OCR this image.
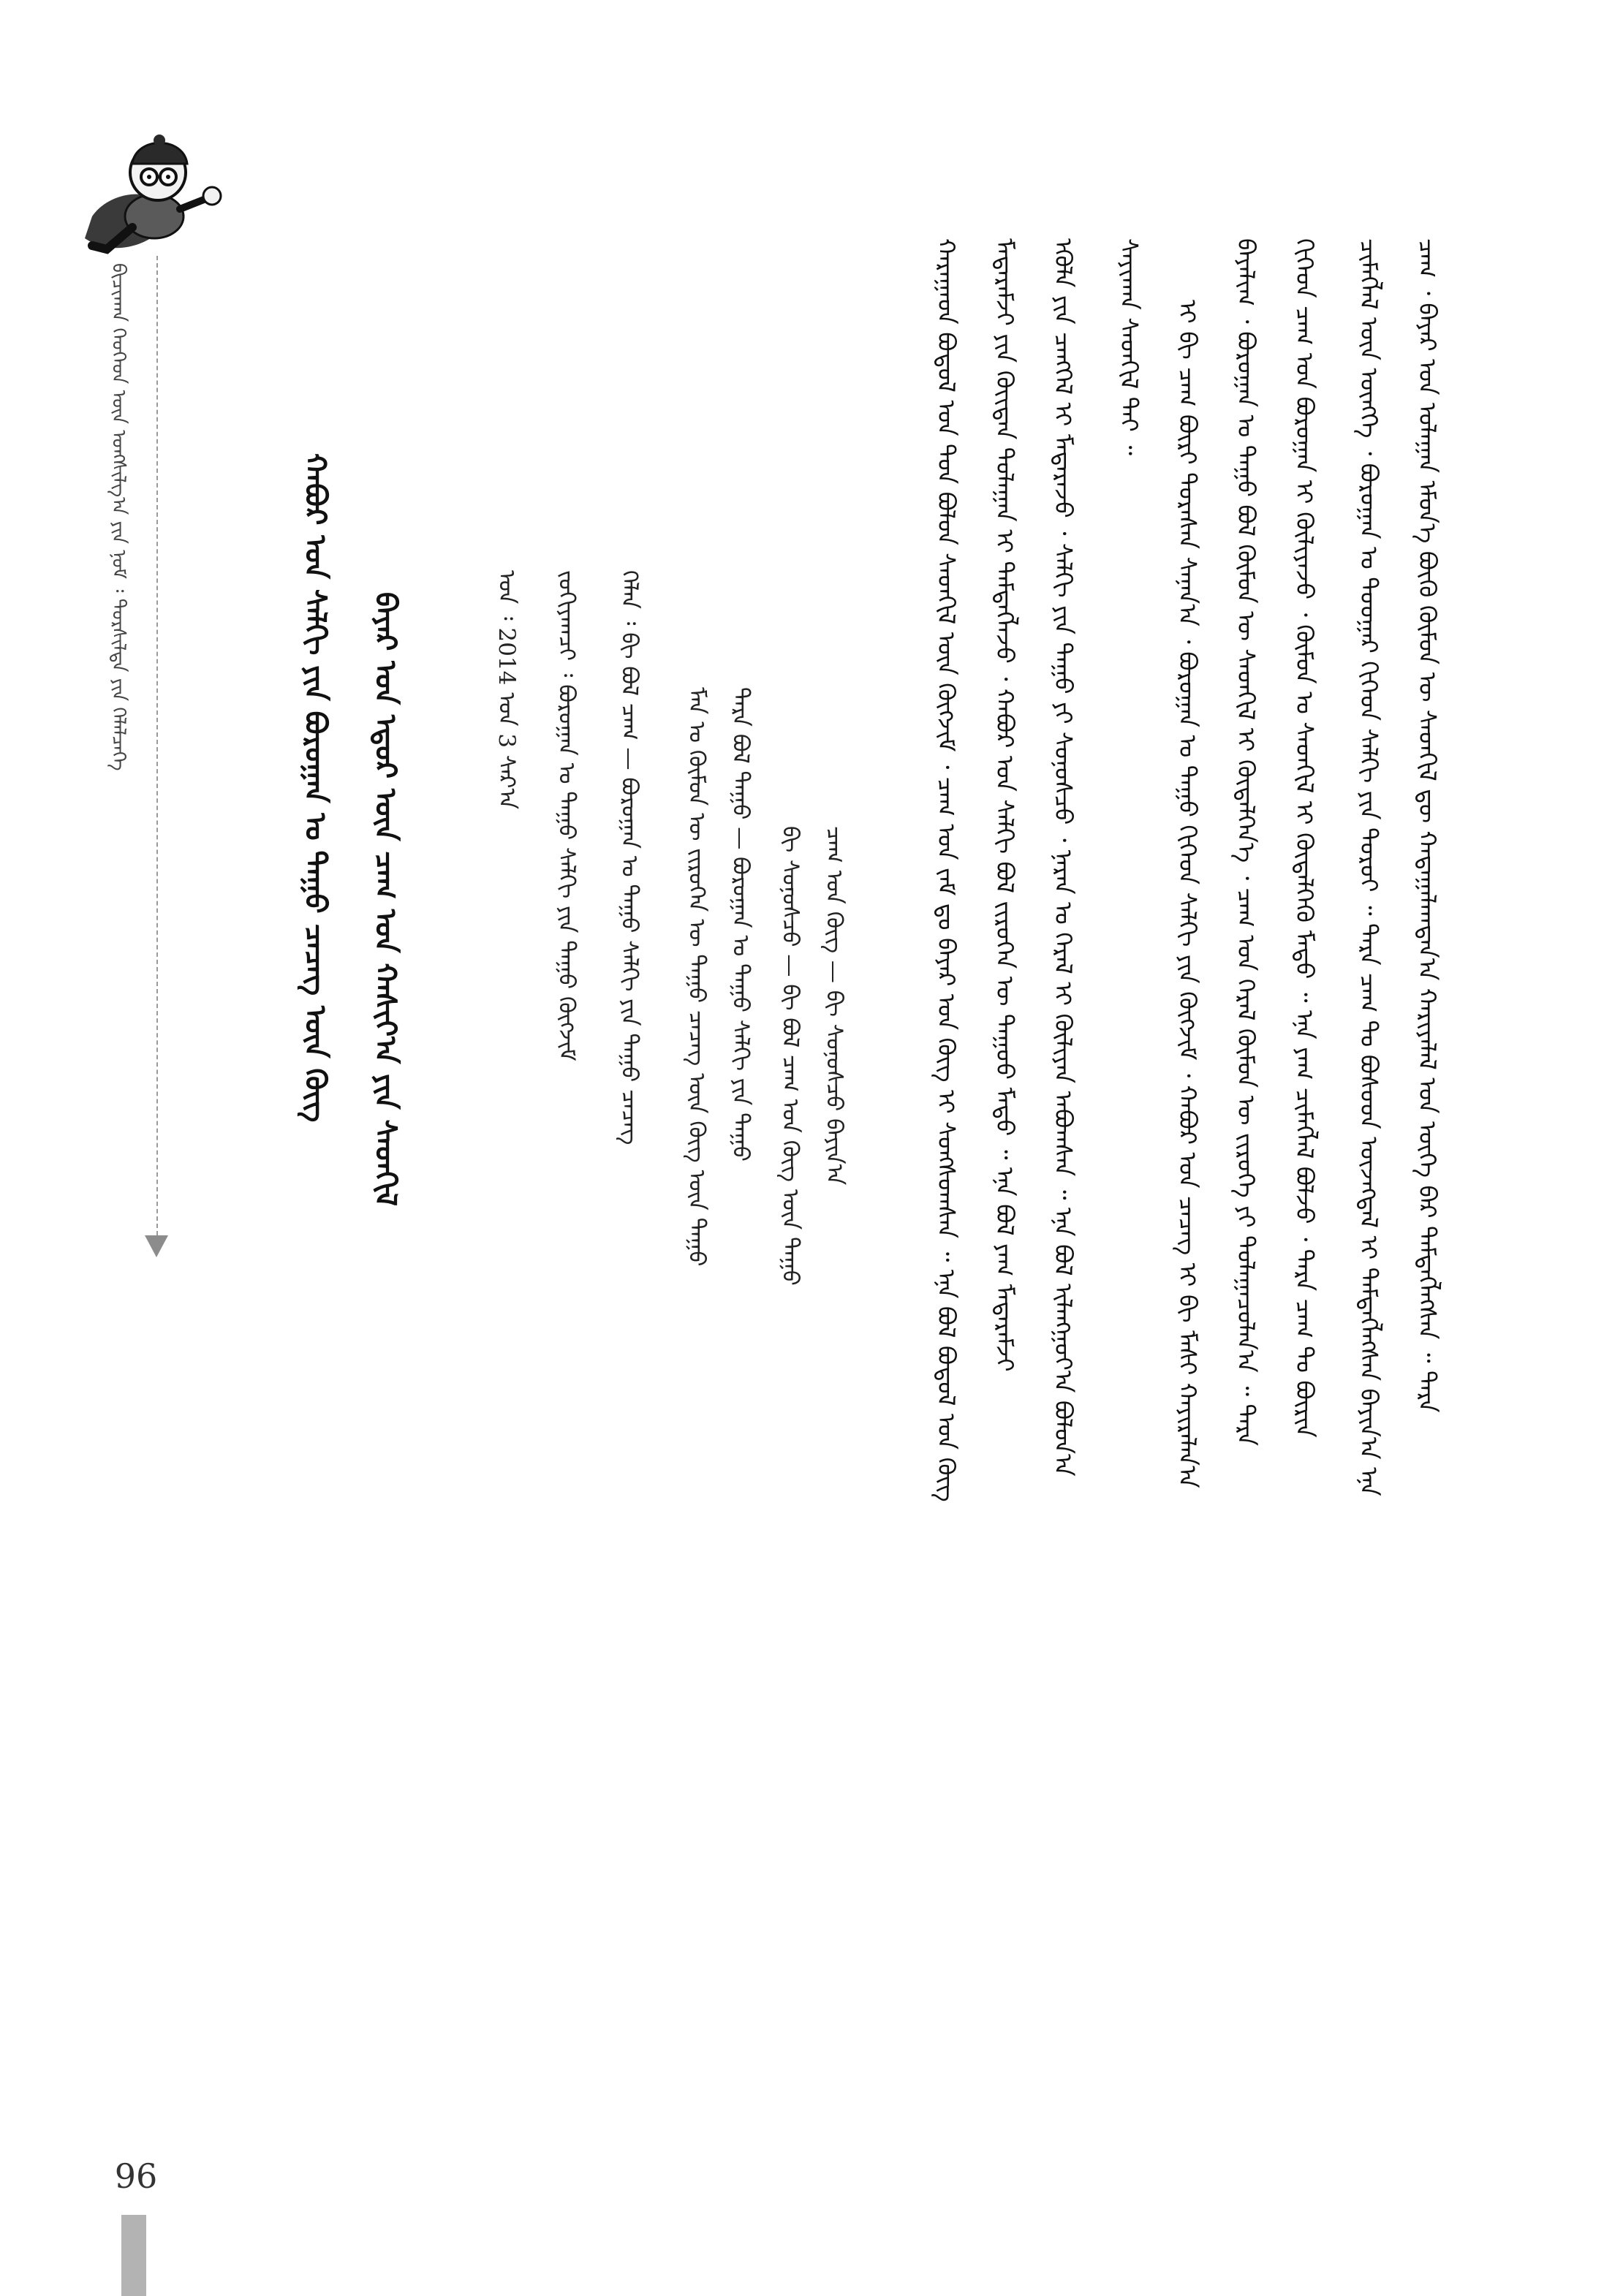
ᠪᠢᠴᠢᠬᠠᠨ ᠬᠡᠦᠬᠡᠳ ᠦᠨ ᠤᠩᠰᠢᠯᠭ᠎ᠠ ᠶᠢᠨ ᠨᠣᠮ ᠄ ᠲᠤᠷᠰᠢᠯᠲᠠ ᠶᠢᠨ ᠬᠡᠯᠡᠯᠴᠡᠭᠡ	ᠬᠠᠪᠤᠷ ᠤᠨ ᠰᠠᠯᠬᠢ ᠶᠢᠨ ᠪᠣᠷᠣᠭᠠᠨ ᠤ ᠳᠠᠭᠤ ᠴᠡᠴᠡᠭ ᠦᠨ ᠬᠥᠭ ᠪᠠᠶᠠᠷ ᠤᠨ ᠡᠳᠦᠷ ᠦᠨ ᠴᠠᠭ ᠤᠨ ᠬᠠᠰᠢᠶ᠎ᠠ ᠶᠢᠨ ᠰᠡᠳᠬᠢᠯ	ᠣᠨ ᠄ 2014 ᠣᠨ 3 ᠰᠠᠷ᠎ᠠ ᠵᠣᠬᠢᠶᠠᠭᠴᠢ ᠄ ᠪᠣᠷᠣᠭᠠᠨ ᠤ ᠳᠠᠭᠤ ᠰᠠᠯᠬᠢ ᠶᠢᠨ ᠳᠠᠭᠤ ᠬᠥᠭᠵᠢᠮ ᠬᠡᠯᠡᠨ ᠄ ᠪᠢ ᠪᠣᠯ ᠴᠠᠭ — ᠪᠣᠷᠣᠭᠠᠨ ᠤ ᠳᠠᠭᠤ ᠰᠠᠯᠬᠢ ᠶᠢᠨ ᠳᠠᠭᠤ ᠴᠡᠴᠡᠭ ᠮᠠᠨ ᠤ ᠬᠦᠮᠦᠨ ᠦ ᠵᠢᠷᠦᠬᠡᠨ ᠦ ᠳᠠᠭᠤ ᠴᠡᠴᠡᠭ ᠦᠨ ᠬᠥᠭ ᠦᠨ ᠳᠠᠭᠤ ᠲᠡᠷᠡ ᠪᠣᠯ ᠳᠠᠭᠤ — ᠪᠣᠷᠣᠭᠠᠨ ᠤ ᠳᠠᠭᠤ ᠰᠠᠯᠬᠢ ᠶᠢᠨ ᠳᠠᠭᠤ ᠪᠢ ᠰᠣᠨᠣᠰᠴᠤ — ᠪᠢ ᠪᠣᠯ ᠴᠠᠭ ᠤᠨ ᠬᠥᠭ ᠦᠨ ᠳᠠᠭᠤ ᠴᠠᠭ ᠤᠨ ᠬᠥᠭ — ᠪᠢ ᠰᠣᠨᠣᠰᠴᠤ ᠪᠠᠶᠢᠨ᠎ᠠ	ᠬᠠᠷᠠᠭᠠᠳ ᠪᠣᠳᠣᠯ ᠤᠨ ᠳᠤᠨ ᠪᠣᠯᠤᠨ ᠰᠡᠳᠬᠢᠯ ᠦᠨ ᠬᠥᠭᠵᠢᠮ ᠂ ᠴᠠᠭ ᠤᠨ ᠵᠠᠮ ᠳᠤ ᠪᠠᠶᠠᠷ ᠤᠨ ᠬᠥᠭ ᠢ ᠰᠣᠩᠰᠣᠭᠰᠠᠨ ᠃ ᠡᠨᠡ ᠪᠣᠯ ᠪᠣᠳᠣᠯ ᠤᠨ ᠬᠥᠭ ᠮᠡᠳᠡᠷᠡᠮᠵᠢ ᠶᠢᠨ ᠬᠦᠢᠳᠡᠨ ᠳᠤᠯᠠᠭᠠᠨ ᠢ ᠲᠡᠮᠳᠡᠭᠯᠡᠵᠦ ᠂ ᠬᠠᠪᠤᠷ ᠤᠨ ᠰᠠᠯᠬᠢ ᠪᠣᠯ ᠵᠢᠷᠦᠬᠡᠨ ᠦ ᠳᠠᠭᠤᠤ ᠮᠡᠲᠦ ᠃ ᠡᠨᠡ ᠪᠣᠯ ᠶᠠᠭ ᠮᠡᠳᠡᠷᠡᠮᠵᠢ ᠡᠭᠦᠯᠡ ᠶᠢᠨ ᠴᠡᠩᠭᠡᠯ ᠢ ᠮᠡᠳᠡᠷᠡᠵᠦ ᠂ ᠰᠠᠯᠬᠢ ᠶᠢᠨ ᠳᠠᠭᠤ ᠶᠢ ᠰᠣᠨᠣᠰᠴᠤ ᠂ ᠨᠠᠷᠠᠨ ᠤ ᠭᠡᠷᠡᠯ ᠢ ᠬᠦᠯᠢᠶᠡᠨ ᠠᠪᠤᠭᠰᠠᠨ ᠃ ᠡᠨᠡ ᠪᠣᠯ ᠢᠯᠠᠩᠭᠤᠶ᠎ᠠ ᠪᠣᠯᠤᠨ᠎ᠠ ᠰᠠᠶᠢᠬᠠᠨ ᠰᠡᠳᠬᠢᠯ ᠲᠡᠢ ᠃ ᠢ ᠪᠢ ᠴᠠᠭ ᠪᠦᠷᠢ ᠳᠤᠷᠠᠰᠠᠨ ᠰᠠᠨᠠᠨ᠎ᠠ ᠂ ᠪᠣᠷᠣᠭᠠᠨ ᠤ ᠳᠠᠭᠤ ᠬᠢᠭᠡᠳ ᠰᠠᠯᠬᠢ ᠶᠢᠨ ᠬᠥᠭᠵᠢᠮ ᠂ ᠬᠠᠪᠤᠷ ᠤᠨ ᠴᠡᠴᠡᠭ ᠢ ᠪᠢ ᠮᠠᠰᠢ ᠬᠠᠶᠢᠷᠠᠯᠠᠨ᠎ᠠ ᠪᠠᠶᠠᠯᠢᠭ ᠂ ᠪᠣᠷᠣᠭᠠᠨ ᠤ ᠳᠠᠭᠤ ᠪᠣᠯ ᠬᠦᠮᠦᠨ ᠦ ᠰᠡᠳᠬᠢᠯ ᠢ ᠬᠥᠳᠡᠯᠭᠡᠨ᠎ᠡ ᠂ ᠴᠠᠭ ᠤᠨ ᠭᠡᠷᠡᠯ ᠬᠦᠮᠦᠨ ᠦ ᠵᠢᠷᠦᠬᠡ ᠶᠢ ᠳᠤᠯᠠᠭᠠᠴᠤᠯᠠᠨ᠎ᠠ ᠃ ᠲᠡᠷᠡ ᠬᠢᠭᠡᠳ ᠴᠠᠭ ᠤᠨ ᠪᠣᠷᠣᠭᠠᠨ ᠢ ᠬᠦᠯᠢᠶᠡᠵᠦ ᠂ ᠬᠦᠮᠦᠨ ᠤ ᠰᠡᠳᠬᠢᠯ ᠢ ᠬᠥᠳᠡᠯᠭᠡᠬᠦ ᠮᠡᠲᠦ ᠃ ᠡᠨᠡ ᠶᠠᠭ ᠴᠢᠮᠡᠭᠯᠡᠯ ᠪᠣᠯᠵᠤ ᠂ ᠲᠡᠷᠡ ᠴᠠᠭ ᠲᠤ ᠪᠦᠷᠢᠨ ᠴᠢᠮᠡᠭᠯᠡᠯ ᠦᠨ ᠥᠩᠭᠡ ᠂ ᠪᠣᠷᠣᠭᠠᠨ ᠤ ᠳᠤᠤᠭᠠᠷ ᠬᠢᠭᠡᠳ ᠰᠠᠯᠬᠢ ᠶᠢᠨ ᠳᠣᠷᠣᠢ ᠃ ᠲᠡᠷᠡ ᠴᠠᠭ ᠲᠤ ᠪᠤᠰᠤᠳ ᠦᠵᠡᠭᠳᠡᠯ ᠢ ᠲᠡᠮᠳᠡᠭᠯᠡᠭᠰᠡᠨ ᠪᠠᠶᠢᠨ᠎ᠠ ᠡᠨᠡ ᠴᠠᠭ ᠂ ᠪᠠᠶᠠᠷ ᠤᠨ ᠤᠯᠠᠭᠠᠨ ᠡᠮᠦᠨ᠎ᠡ ᠪᠦᠬᠦ ᠬᠦᠮᠦᠨ ᠦ ᠰᠡᠳᠬᠢᠯ ᠳᠦ ᠬᠠᠳᠠᠭᠠᠯᠠᠭᠳᠠᠨ᠎ᠠ ᠬᠠᠷᠢᠶᠠᠯᠠᠯ ᠤᠨ ᠦᠭᠡ ᠪᠡᠷ ᠲᠡᠮᠳᠡᠭᠯᠡᠭᠰᠡᠨ ᠃ ᠲᠡᠷᠡ
96
